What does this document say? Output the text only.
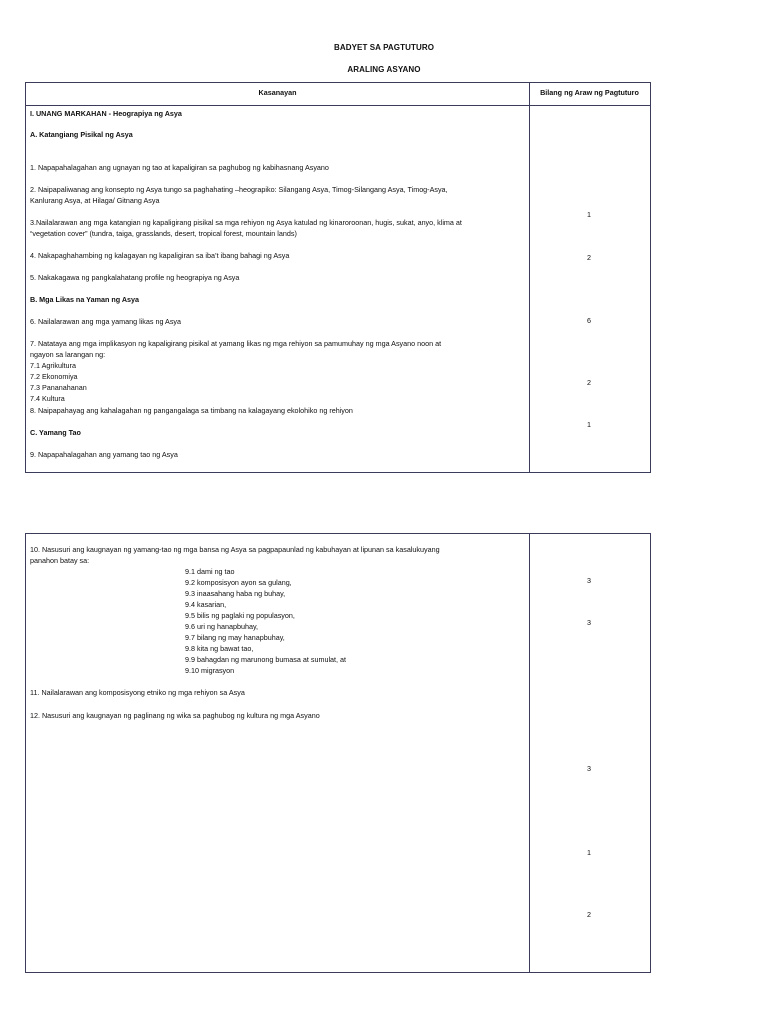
BADYET SA PAGTUTURO
ARALING ASYANO
Kasanayan	Bilang ng Araw ng Pagtuturo
I. UNANG MARKAHAN - Heograpiya ng Asya
A. Katangiang Pisikal ng Asya
1. Napapahalagahan ang ugnayan ng tao at kapaligiran sa paghubog ng kabihasnang Asyano
2. Naipapaliwanag ang konsepto ng Asya tungo sa paghahating –heograpiko: Silangang Asya, Timog-Silangang Asya, Timog-Asya,
Kanlurang Asya, at Hilaga/ Gitnang Asya
3.Nailalarawan ang mga katangian ng kapaligirang pisikal sa mga rehiyon ng Asya katulad ng kinaroroonan, hugis, sukat, anyo, klima at
“vegetation cover” (tundra, taiga, grasslands, desert, tropical forest, mountain lands)
4. Nakapaghahambing ng kalagayan ng kapaligiran sa iba’t ibang bahagi ng Asya
5. Nakakagawa ng pangkalahatang profile ng heograpiya ng Asya
B. Mga Likas na Yaman ng Asya
6. Nailalarawan ang mga yamang likas ng Asya
7. Natataya ang mga implikasyon ng kapaligirang pisikal at yamang likas ng mga rehiyon sa pamumuhay ng mga Asyano noon at
ngayon sa larangan ng:
7.1 Agrikultura
7.2 Ekonomiya
7.3 Pananahanan
7.4 Kultura
8. Naipapahayag ang kahalagahan ng pangangalaga sa timbang na kalagayang ekolohiko ng rehiyon
C. Yamang Tao
9. Napapahalagahan ang yamang tao ng Asya
1
2
6
2
1
10. Nasusuri ang kaugnayan ng yamang-tao ng mga bansa ng Asya sa pagpapaunlad ng kabuhayan at lipunan sa kasalukuyang
panahon batay sa:
9.1 dami ng tao
9.2 komposisyon ayon sa gulang,
9.3 inaasahang haba ng buhay,
9.4 kasarian,
9.5 bilis ng paglaki ng populasyon,
9.6 uri ng hanapbuhay,
9.7 bilang ng may hanapbuhay,
9.8 kita ng bawat tao,
9.9 bahagdan ng marunong bumasa at sumulat, at
9.10 migrasyon
11. Nailalarawan ang komposisyong etniko ng mga rehiyon sa Asya
12. Nasusuri ang kaugnayan ng paglinang ng wika sa paghubog ng kultura ng mga Asyano
3
3
3
1
2
